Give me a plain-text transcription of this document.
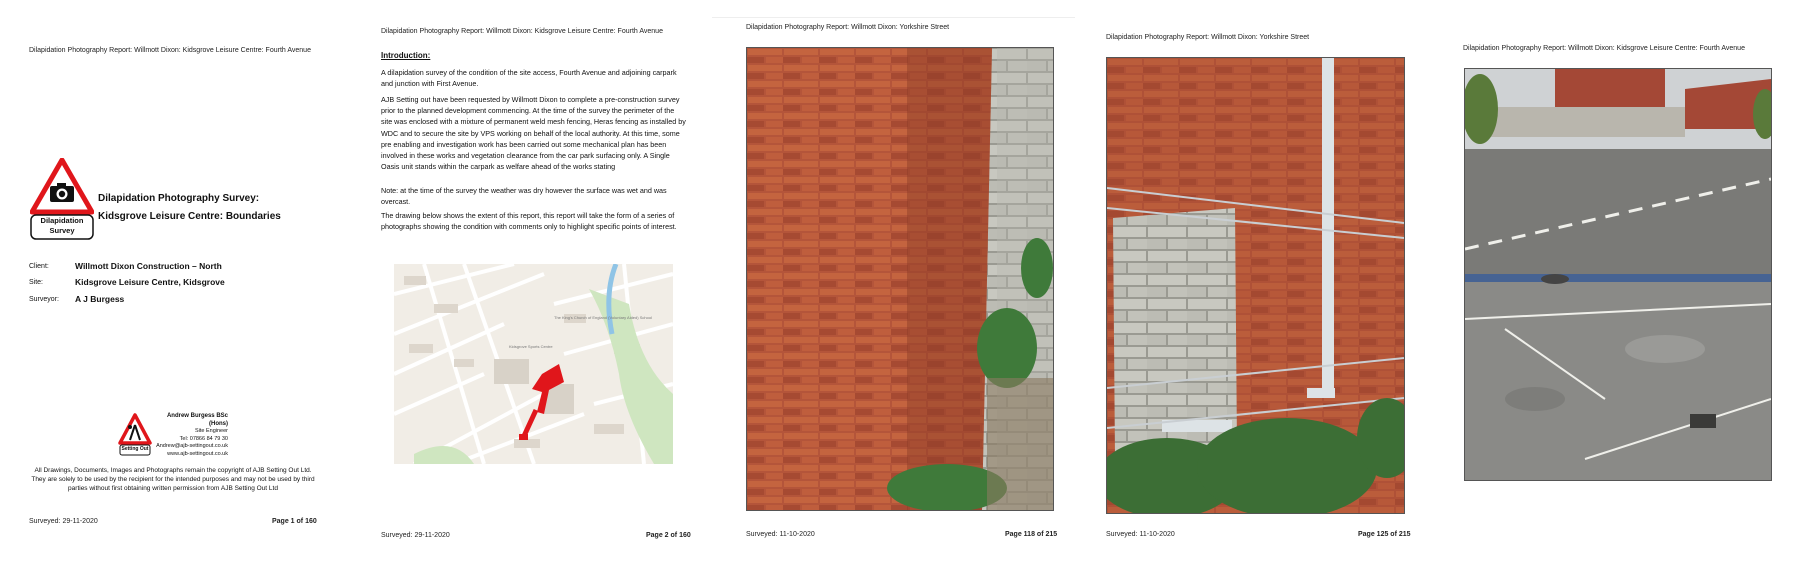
Dilapidation Photography Report: Willmott Dixon: Kidsgrove Leisure Centre: Fourth Avenue
Dilapidation
Survey
Dilapidation Photography Survey:
Kidsgrove Leisure Centre: Boundaries
Client:	Willmott Dixon Construction – North
Site:	Kidsgrove Leisure Centre, Kidsgrove
Surveyor: A J Burgess
Setting Out
Andrew Burgess BSc (Hons)
Site Engineer
Tel: 07866 84 79 30
Andrew@ajb-settingout.co.uk
www.ajb-settingout.co.uk
All Drawings, Documents, Images and Photographs remain the copyright of AJB Setting Out Ltd. They are solely to be used by the recipient for the intended purposes and may not be used by third parties without first obtaining written permission from AJB Setting Out Ltd
Surveyed: 29-11-2020	Page 1 of 160
Dilapidation Photography Report: Willmott Dixon: Kidsgrove Leisure Centre: Fourth Avenue
Surveyed: 29-11-2020	Page 2 of 160
Introduction:

A dilapidation survey of the condition of the site access, Fourth Avenue and adjoining carpark and junction with First Avenue.

AJB Setting out have been requested by Willmott Dixon to complete a pre-construction survey prior to the planned development commencing. At the time of the survey the perimeter of the site was enclosed with a mixture of permanent weld mesh fencing, Heras fencing as installed by WDC and to secure the site by VPS working on behalf of the local authority. At this time, some pre enabling and investigation work has been carried out some mechanical plan has been involved in these works and vegetation clearance from the car park surfacing only. A Single Oasis unit stands within the carpark as welfare ahead of the works stating

Note: at the time of the survey the weather was dry however the surface was wet and was overcast.

The drawing below shows the extent of this report, this report will take the form of a series of photographs showing the condition with comments only to highlight specific points of interest.

Kidsgrove Sports Centre
The King's Church of England (Voluntary Aided) School
Dilapidation Photography Report: Willmott Dixon: Yorkshire Street
Surveyed: 11-10-2020	Page 118 of 215
Dilapidation Photography Report: Willmott Dixon: Yorkshire Street
Surveyed: 11-10-2020	Page 125 of 215
Dilapidation Photography Report: Willmott Dixon: Kidsgrove Leisure Centre: Fourth Avenue
